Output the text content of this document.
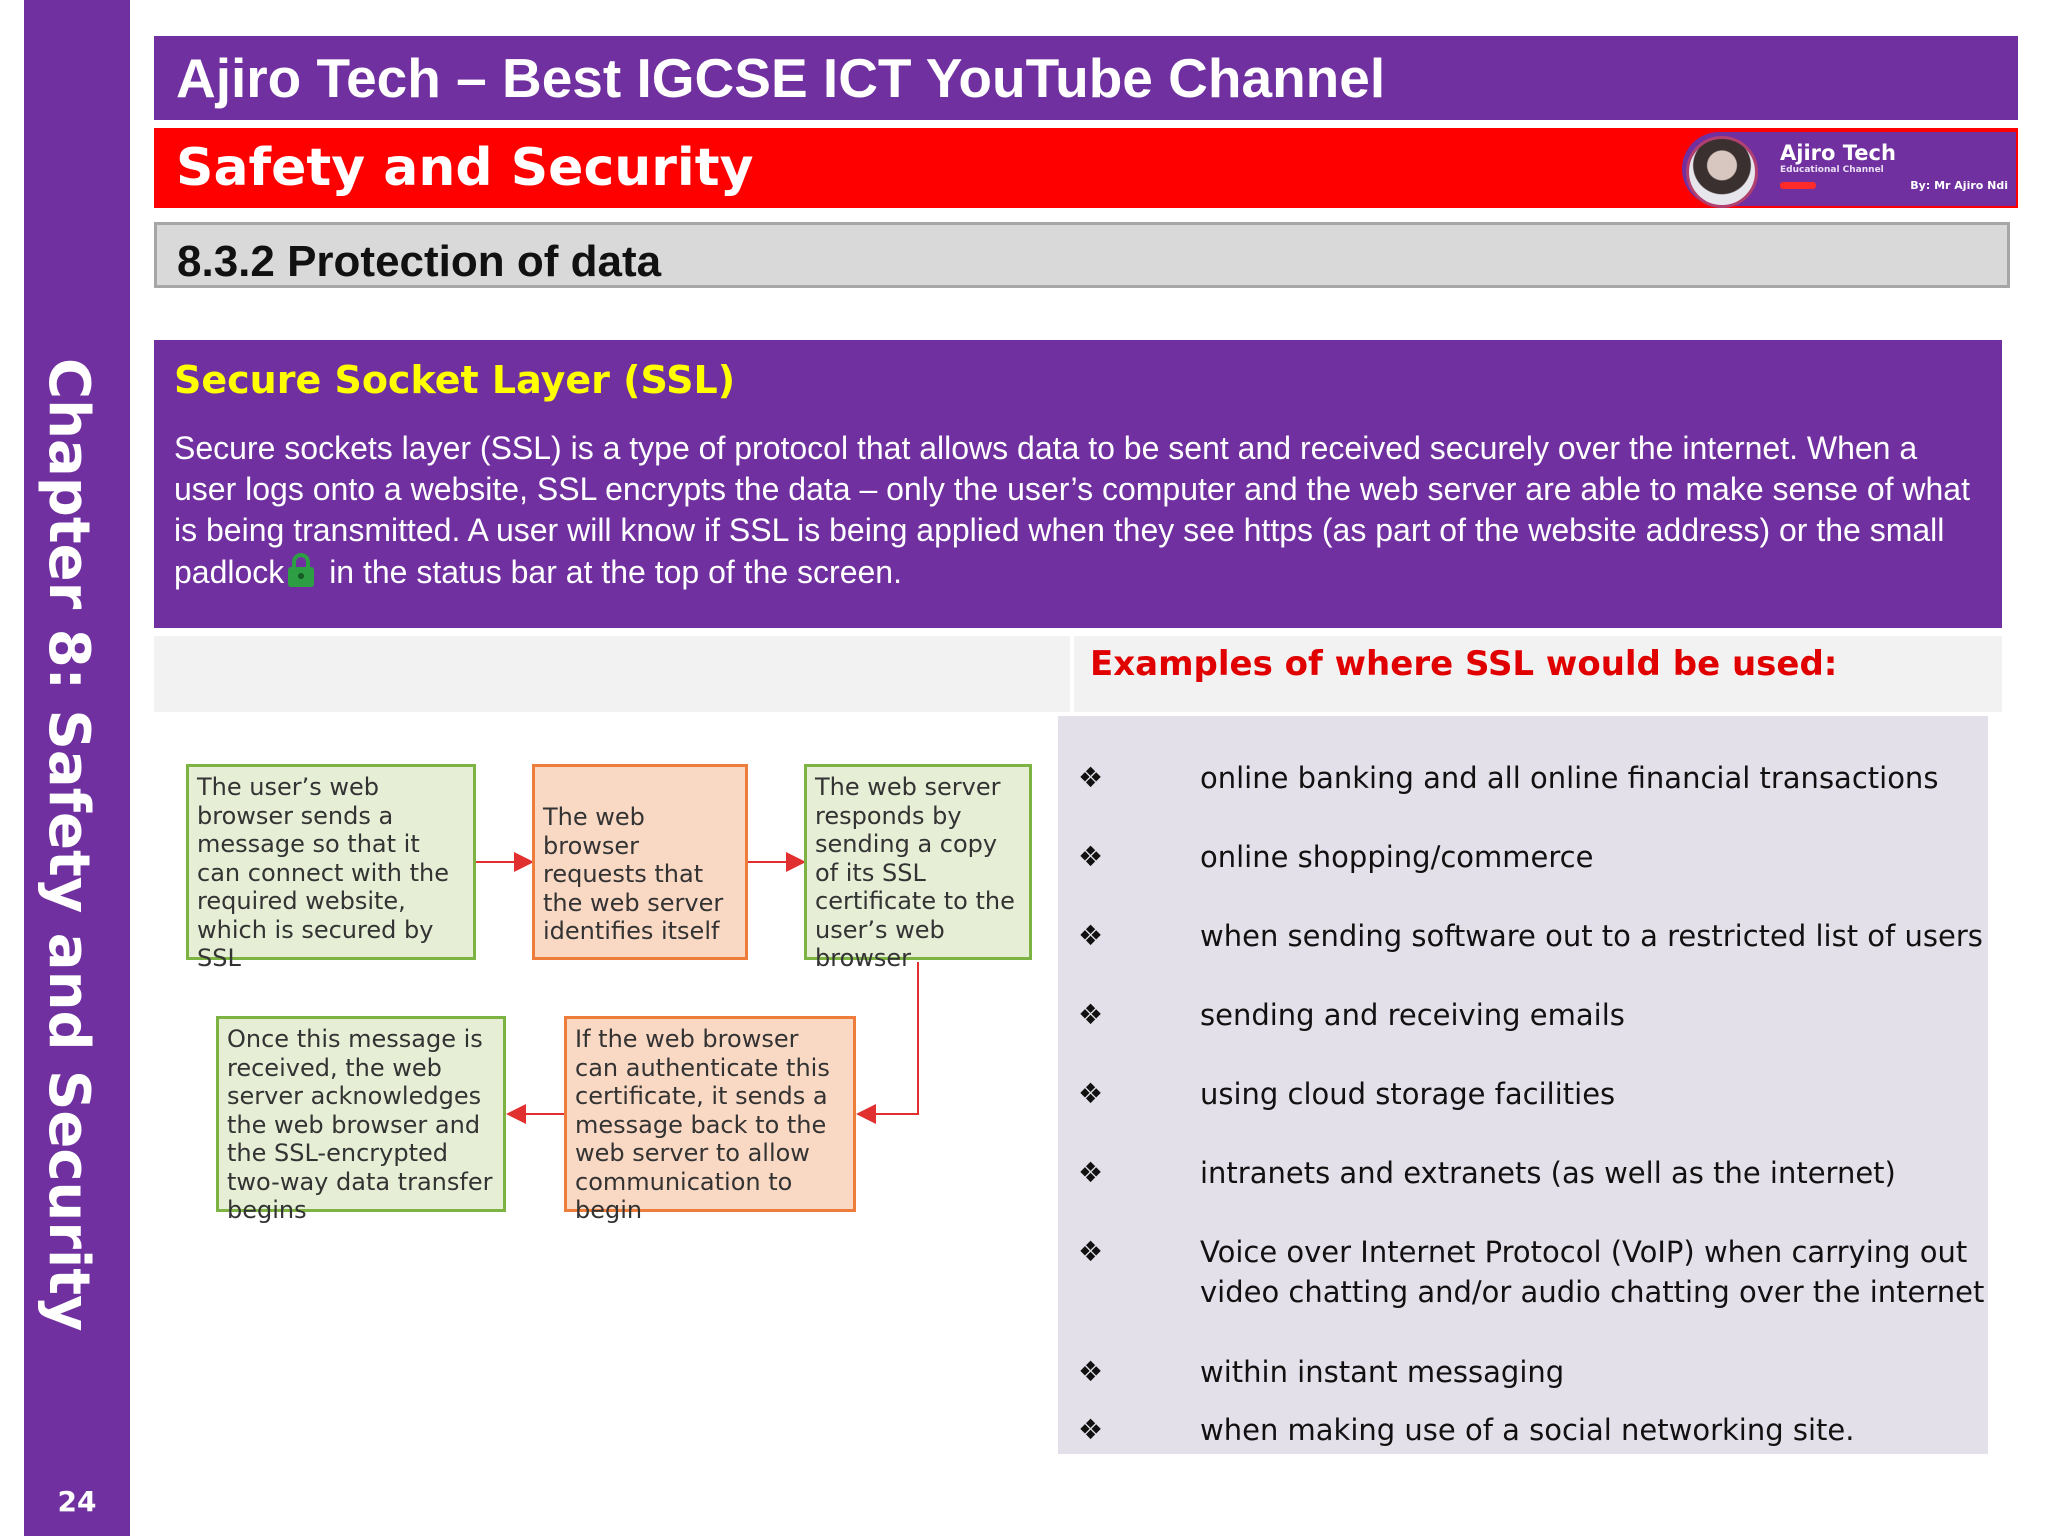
Chapter 8: Safety and Security
24
Ajiro Tech – Best IGCSE ICT YouTube Channel
Safety and Security	Ajiro Tech
Educational Channel
By: Mr Ajiro Ndi
8.3.2 Protection of data
Secure Socket Layer (SSL)
Secure sockets layer (SSL) is a type of protocol that allows data to be sent and received securely over the internet. When a user logs onto a website, SSL encrypts the data – only the user’s computer and the web server are able to make sense of what is being transmitted. A user will know if SSL is being applied when they see https (as part of the website address) or the small padlock in the status bar at the top of the screen.
Examples of where SSL would be used:
The user’s web browser sends a message so that it can connect with the required website, which is secured by SSL
The web browser requests that the web server identifies itself
The web server responds by sending a copy of its SSL certificate to the user’s web browser
If the web browser can authenticate this certificate, it sends a message back to the web server to allow communication to begin
Once this message is received, the web server acknowledges the web browser and the SSL-encrypted two-way data transfer begins
❖	online banking and all online financial transactions
❖	online shopping/commerce
❖	when sending software out to a restricted list of users
❖	sending and receiving emails
❖	using cloud storage facilities
❖	intranets and extranets (as well as the internet)
❖	Voice over Internet Protocol (VoIP) when carrying out video chatting and/or audio chatting over the internet
❖	within instant messaging
❖	when making use of a social networking site.
